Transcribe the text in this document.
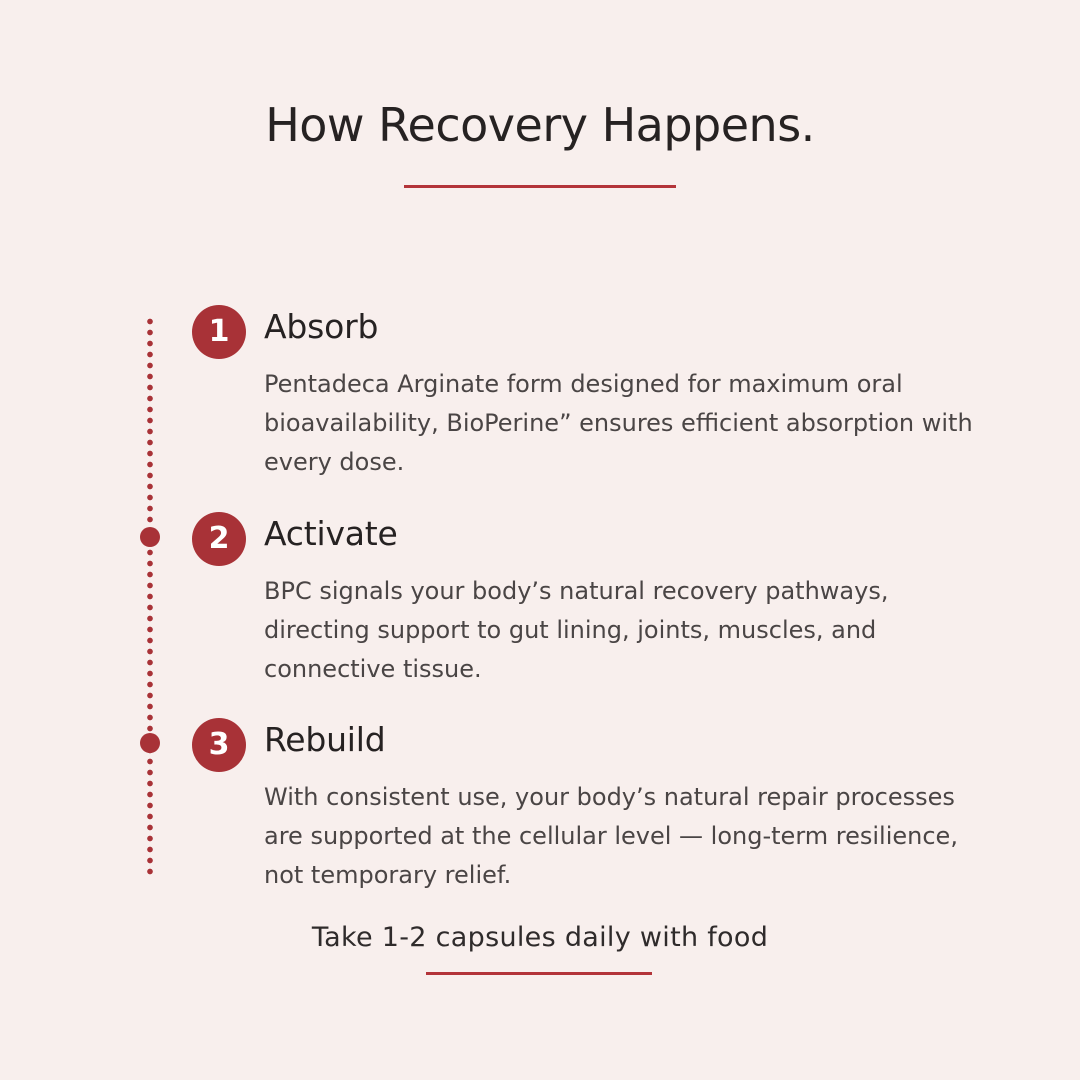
How Recovery Happens.
1	Absorb

Pentadeca Arginate form designed for maximum oral bioavailability, BioPerine” ensures efficient absorption with every dose.

2	Activate

BPC signals your body’s natural recovery pathways, directing support to gut lining, joints, muscles, and connective tissue.

3	Rebuild

With consistent use, your body’s natural repair processes are supported at the cellular level — long-term resilience, not temporary relief.

Take 1-2 capsules daily with food
